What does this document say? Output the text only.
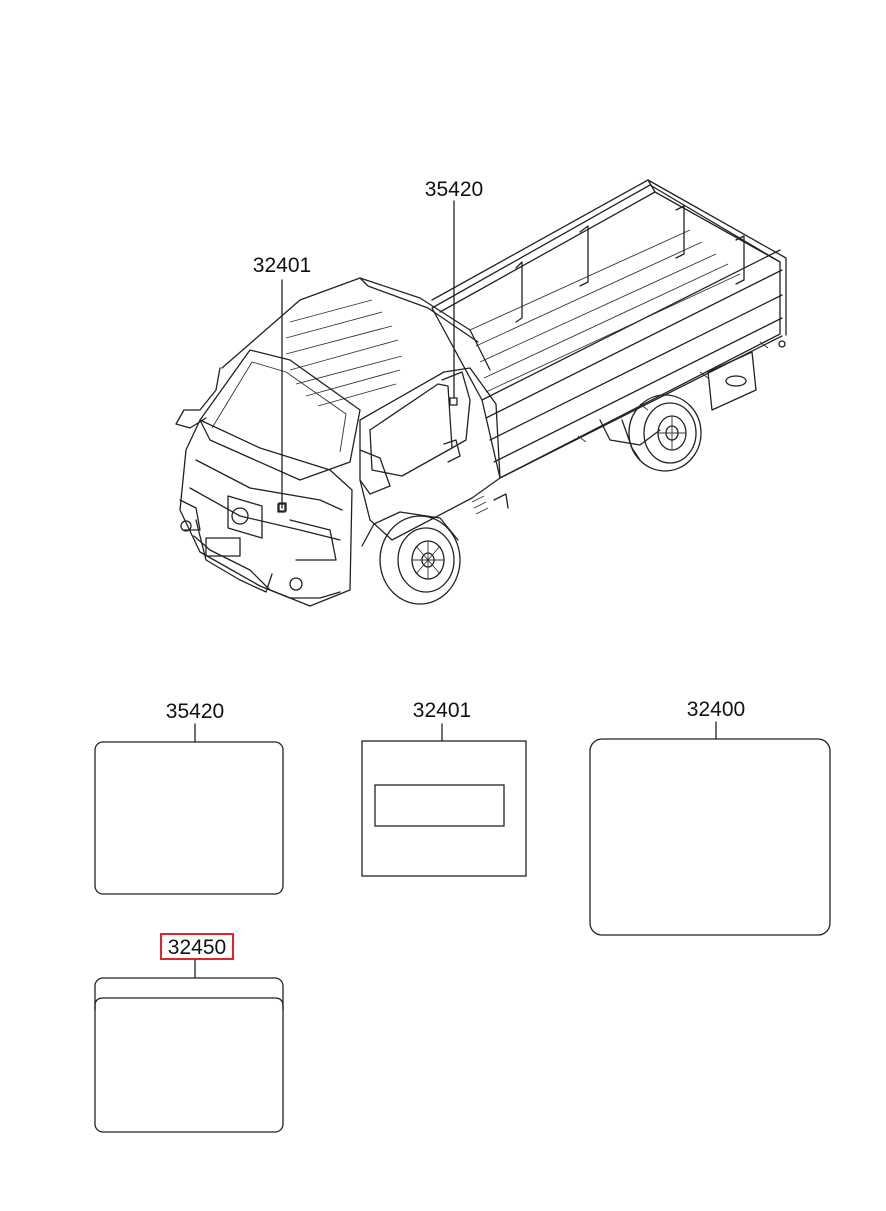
35420
32401
35420	32401	32400
32450
